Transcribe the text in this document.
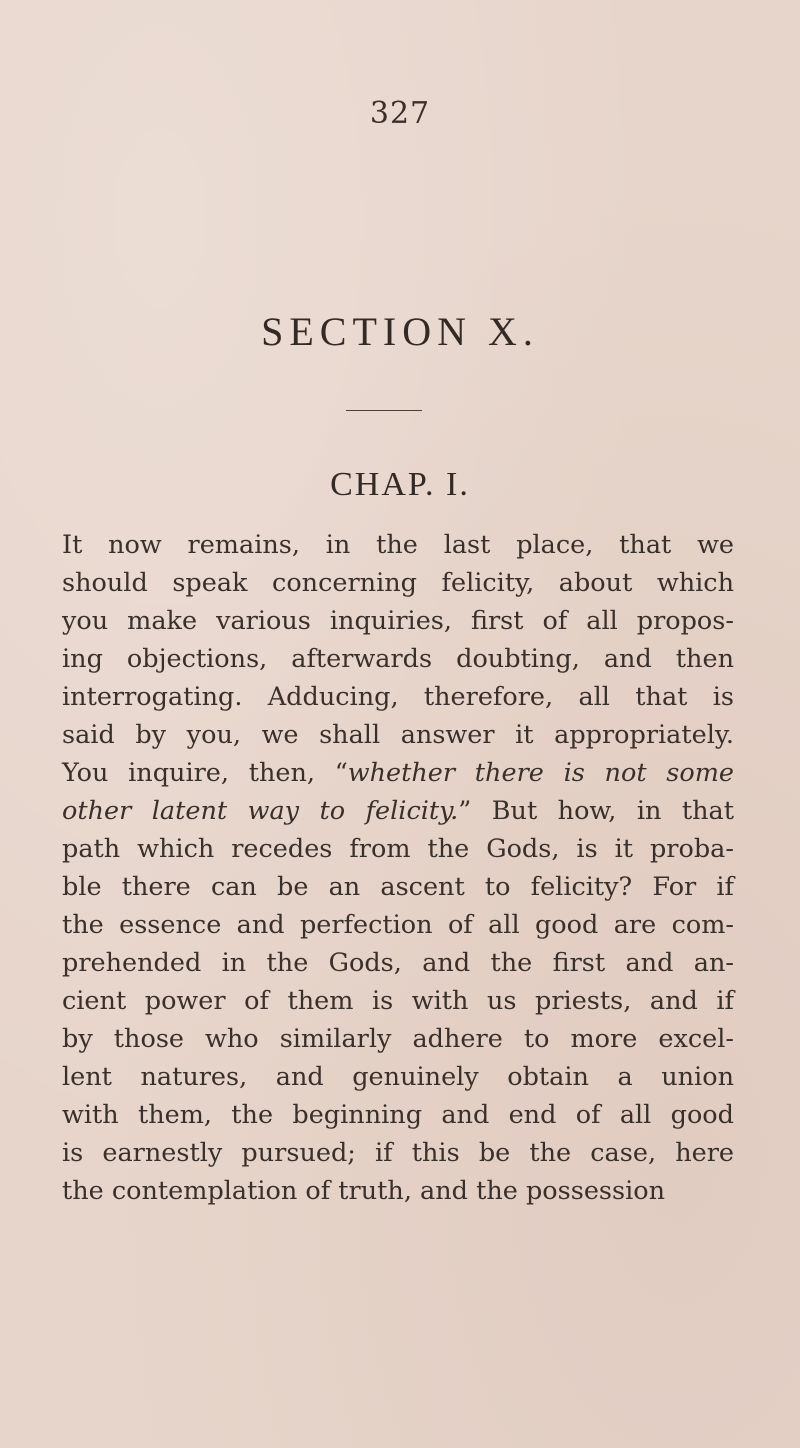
327
SECTION X.
CHAP. I.
It now remains, in the last place, that we
should speak concerning felicity, about which
you make various inquiries, first of all propos-
ing objections, afterwards doubting, and then
interrogating. Adducing, therefore, all that is
said by you, we shall answer it appropriately.
You inquire, then, “whether there is not some
other latent way to felicity.” But how, in that
path which recedes from the Gods, is it proba-
ble there can be an ascent to felicity? For if
the essence and perfection of all good are com-
prehended in the Gods, and the first and an-
cient power of them is with us priests, and if
by those who similarly adhere to more excel-
lent natures, and genuinely obtain a union
with them, the beginning and end of all good
is earnestly pursued; if this be the case, here
the contemplation of truth, and the possession
